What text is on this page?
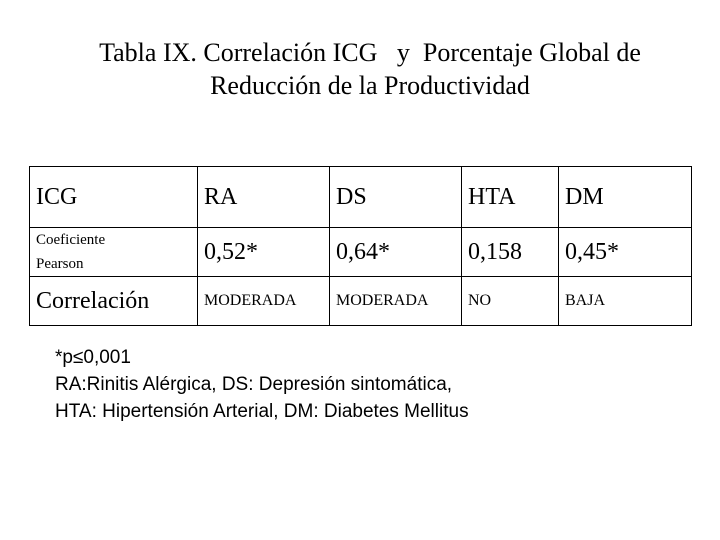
Tabla IX. Correlación ICG   y  Porcentaje Global de
Reducción de la Productividad
ICG	RA	DS	HTA	DM

Coeficiente
Pearson	0,52*	0,64*	0,158	0,45*
Correlación	MODERADA	MODERADA	NO	BAJA
*p≤0,001
RA:Rinitis Alérgica, DS: Depresión sintomática,
HTA: Hipertensión Arterial, DM: Diabetes Mellitus
